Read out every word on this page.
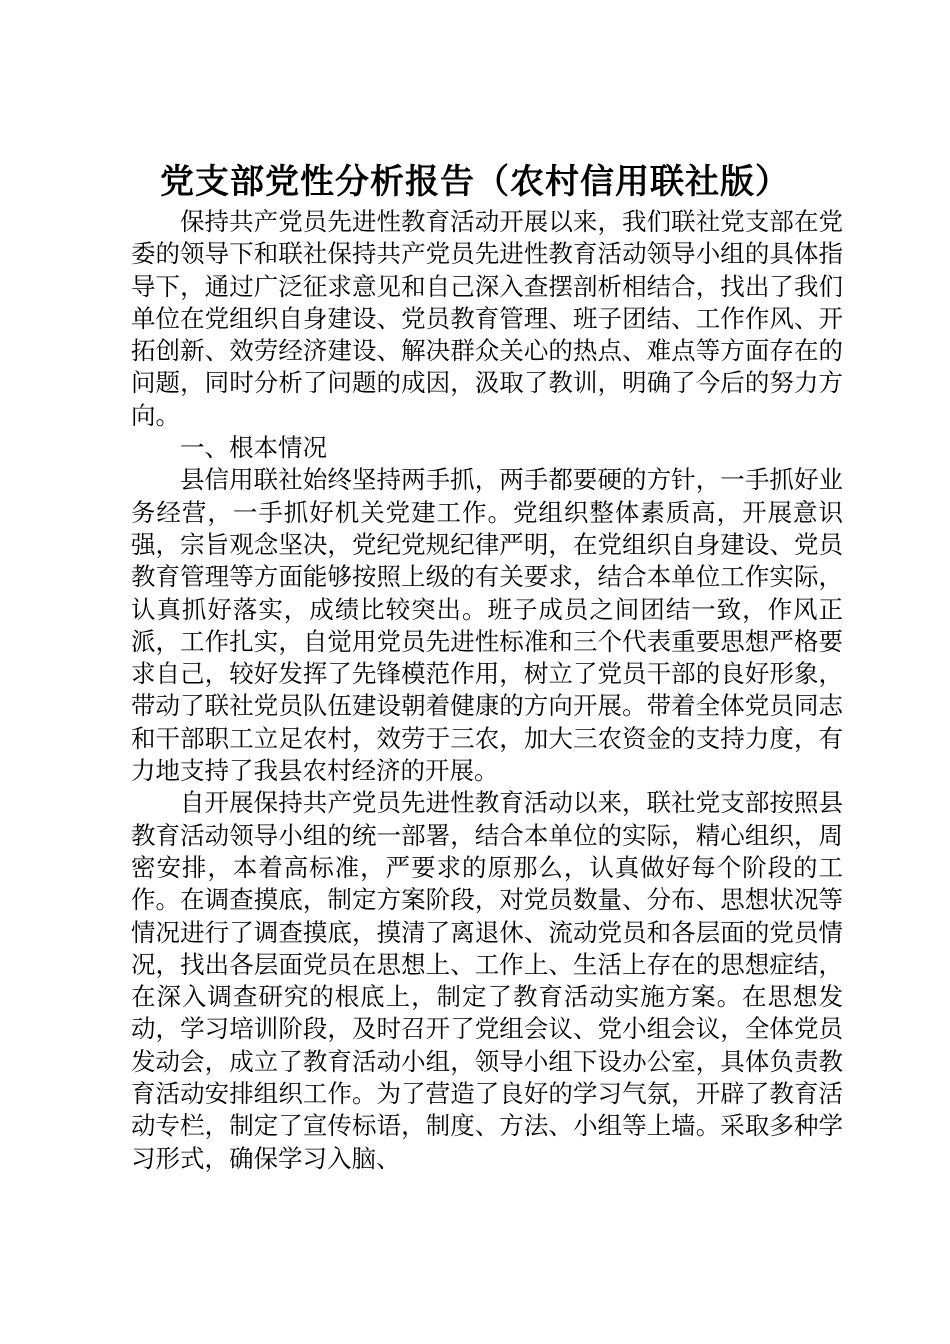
党支部党性分析报告（农村信用联社版）

保持共产党员先进性教育活动开展以来，我们联社党支部在党委的领导下和联社保持共产党员先进性教育活动领导小组的具体指导下，通过广泛征求意见和自己深入查摆剖析相结合，找出了我们单位在党组织自身建设、党员教育管理、班子团结、工作作风、开拓创新、效劳经济建设、解决群众关心的热点、难点等方面存在的问题，同时分析了问题的成因，汲取了教训，明确了今后的努力方向。

一、根本情况

县信用联社始终坚持两手抓，两手都要硬的方针，一手抓好业务经营，一手抓好机关党建工作。党组织整体素质高，开展意识强，宗旨观念坚决，党纪党规纪律严明，在党组织自身建设、党员教育管理等方面能够按照上级的有关要求，结合本单位工作实际，认真抓好落实，成绩比较突出。班子成员之间团结一致，作风正派，工作扎实，自觉用党员先进性标准和三个代表重要思想严格要求自己，较好发挥了先锋模范作用，树立了党员干部的良好形象，带动了联社党员队伍建设朝着健康的方向开展。带着全体党员同志和干部职工立足农村，效劳于三农，加大三农资金的支持力度，有力地支持了我县农村经济的开展。

自开展保持共产党员先进性教育活动以来，联社党支部按照县教育活动领导小组的统一部署，结合本单位的实际，精心组织，周密安排，本着高标准，严要求的原那么，认真做好每个阶段的工作。在调查摸底，制定方案阶段，对党员数量、分布、思想状况等情况进行了调查摸底，摸清了离退休、流动党员和各层面的党员情况，找出各层面党员在思想上、工作上、生活上存在的思想症结，在深入调查研究的根底上，制定了教育活动实施方案。在思想发动，学习培训阶段，及时召开了党组会议、党小组会议，全体党员发动会，成立了教育活动小组，领导小组下设办公室，具体负责教育活动安排组织工作。为了营造了良好的学习气氛，开辟了教育活动专栏，制定了宣传标语，制度、方法、小组等上墙。采取多种学习形式，确保学习入脑、
